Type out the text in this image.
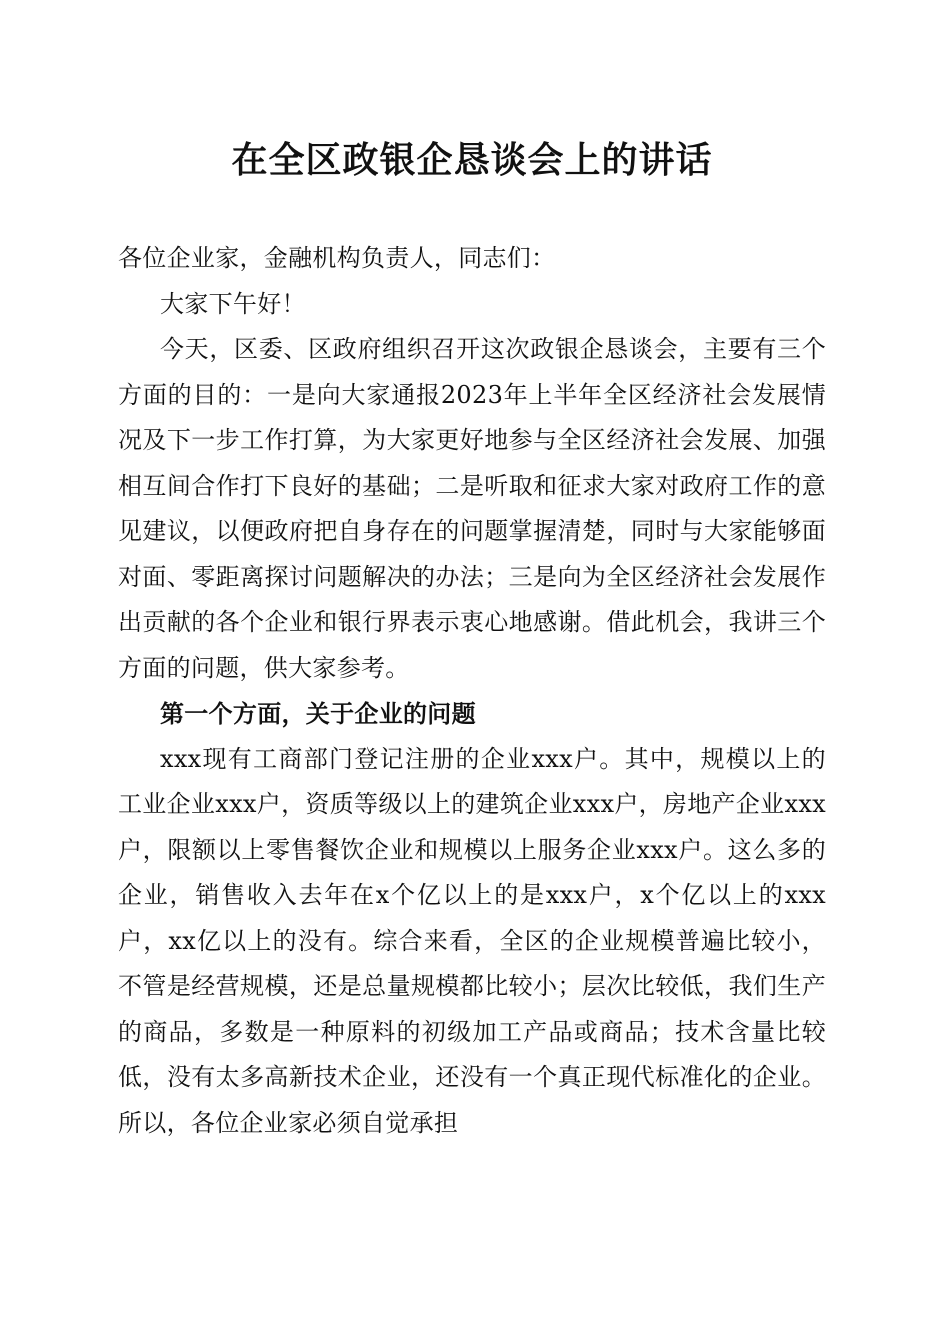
在全区政银企恳谈会上的讲话

各位企业家，金融机构负责人，同志们：

大家下午好！

今天，区委、区政府组织召开这次政银企恳谈会，主要有三个方面的目的：一是向大家通报2023年上半年全区经济社会发展情况及下一步工作打算，为大家更好地参与全区经济社会发展、加强相互间合作打下良好的基础；二是听取和征求大家对政府工作的意见建议，以便政府把自身存在的问题掌握清楚，同时与大家能够面对面、零距离探讨问题解决的办法；三是向为全区经济社会发展作出贡献的各个企业和银行界表示衷心地感谢。借此机会，我讲三个方面的问题，供大家参考。

第一个方面，关于企业的问题

xxx现有工商部门登记注册的企业xxx户。其中，规模以上的工业企业xxx户，资质等级以上的建筑企业xxx户，房地产企业xxx户，限额以上零售餐饮企业和规模以上服务企业xxx户。这么多的企业，销售收入去年在x个亿以上的是xxx户，x个亿以上的xxx户，xx亿以上的没有。综合来看，全区的企业规模普遍比较小，不管是经营规模，还是总量规模都比较小；层次比较低，我们生产的商品，多数是一种原料的初级加工产品或商品；技术含量比较低，没有太多高新技术企业，还没有一个真正现代标准化的企业。所以，各位企业家必须自觉承担
